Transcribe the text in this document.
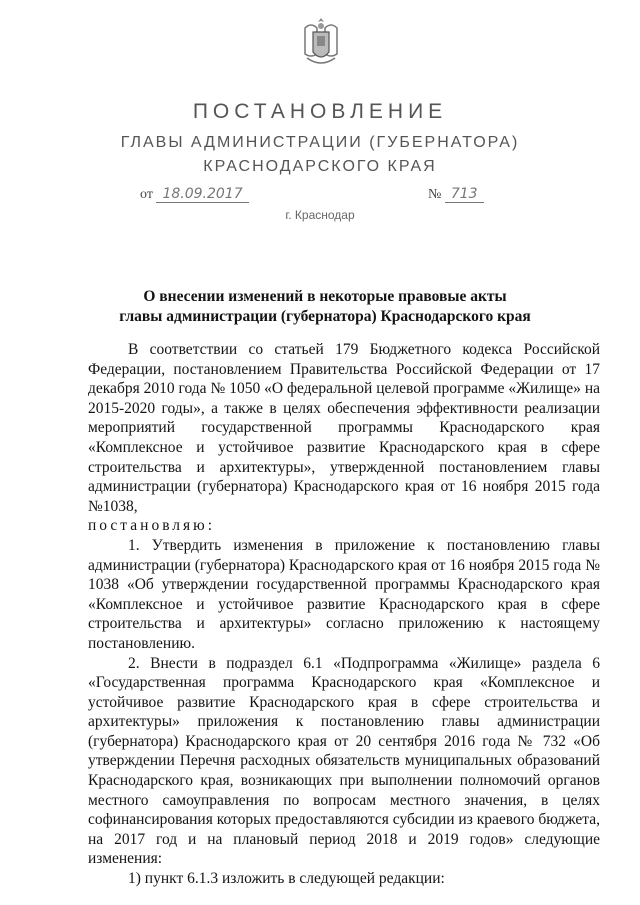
ПОСТАНОВЛЕНИЕ
ГЛАВЫ АДМИНИСТРАЦИИ (ГУБЕРНАТОРА)
КРАСНОДАРСКОГО КРАЯ
от 18.09.2017	№ 713
г. Краснодар
О внесении изменений в некоторые правовые акты
главы администрации (губернатора) Краснодарского края

В соответствии со статьей 179 Бюджетного кодекса Российской Федерации, постановлением Правительства Российской Федерации от 17 декабря 2010 года № 1050 «О федеральной целевой программе «Жилище» на 2015-2020 годы», а также в целях обеспечения эффективности реализации мероприятий государственной программы Краснодарского края «Комплексное и устойчивое развитие Краснодарского края в сфере строительства и архитектуры», утвержденной постановлением главы администрации (губернатора) Краснодарского края от 16 ноября 2015 года №1038,

постановляю:

1. Утвердить изменения в приложение к постановлению главы администрации (губернатора) Краснодарского края от 16 ноября 2015 года № 1038 «Об утверждении государственной программы Краснодарского края «Комплексное и устойчивое развитие Краснодарского края в сфере строительства и архитектуры» согласно приложению к настоящему постановлению.

2. Внести в подраздел 6.1 «Подпрограмма «Жилище» раздела 6 «Государственная программа Краснодарского края «Комплексное и устойчивое развитие Краснодарского края в сфере строительства и архитектуры» приложения к постановлению главы администрации (губернатора) Краснодарского края от 20 сентября 2016 года № 732 «Об утверждении Перечня расходных обязательств муниципальных образований Краснодарского края, возникающих при выполнении полномочий органов местного самоуправления по вопросам местного значения, в целях софинансирования которых предоставляются субсидии из краевого бюджета, на 2017 год и на плановый период 2018 и 2019 годов» следующие изменения:

1) пункт 6.1.3 изложить в следующей редакции:
